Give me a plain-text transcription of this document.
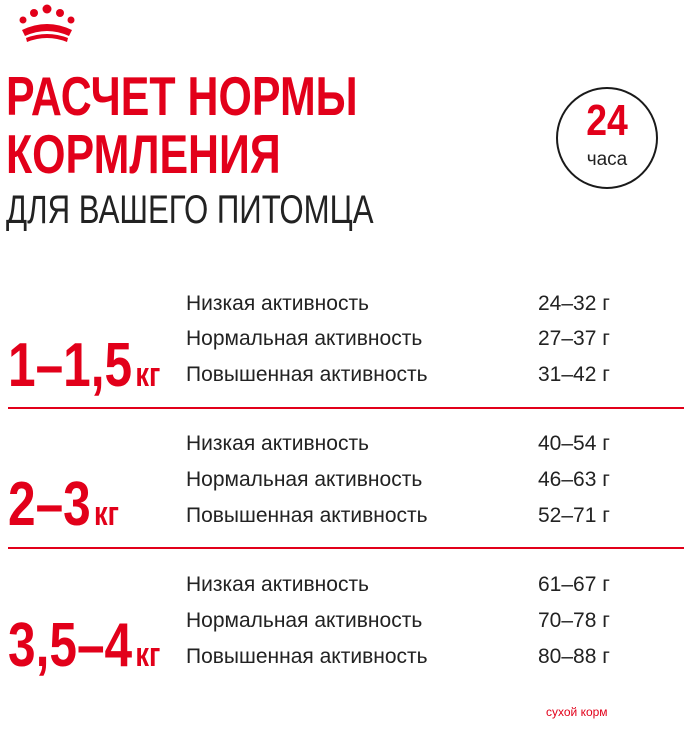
РАСЧЕТ НОРМЫ
КОРМЛЕНИЯ
ДЛЯ ВАШЕГО ПИТОМЦА
24
часа
1–1,5кг
Низкая активность	24–32 г
Нормальная активность	27–37 г
Повышенная активность	31–42 г
2–3кг
Низкая активность	40–54 г
Нормальная активность	46–63 г
Повышенная активность	52–71 г
3,5–4кг
Низкая активность	61–67 г
Нормальная активность	70–78 г
Повышенная активность	80–88 г
сухой корм
